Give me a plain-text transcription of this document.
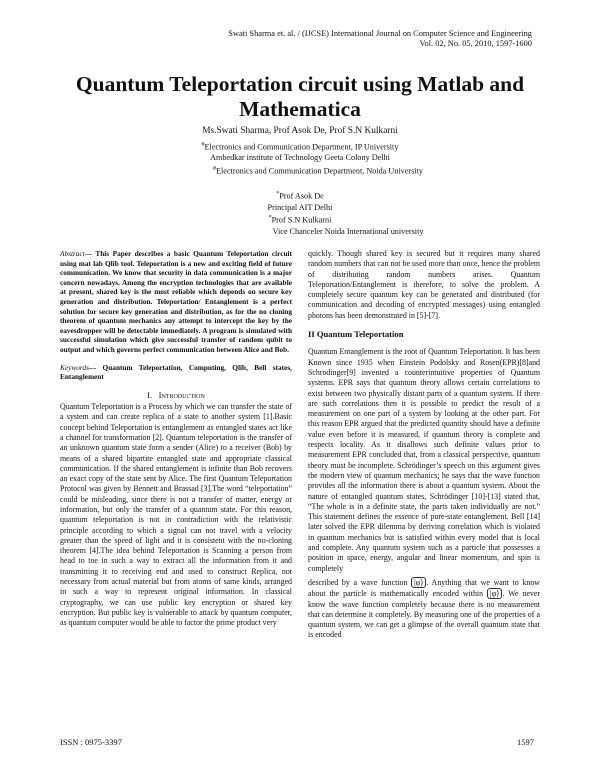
Swati Sharma et. al. / (IJCSE) International Journal on Computer Science and Engineering
Vol. 02, No. 05, 2010, 1597-1600
Quantum Teleportation circuit using Matlab and
Mathematica
Ms.Swati Sharma, Prof Asok De, Prof S.N Kulkarni
#Electronics and Communication Department, IP University
Ambedkar institute of Technology Geeta Colony Delhi
#Electronics and Communication Department, Noida University
*Prof Asok De
Principal AIT Delhi
*Prof S.N Kulkarni
Vice Chanceler Noida International university

Abstract— This Paper describes a basic Quantum Teleportation circuit using mat lab Qlib tool. Teleportation is a new and exciting field of future communication. We know that security in data communication is a major concern nowadays. Among the encryption technologies that are available at present, shared key is the most reliable which depends on secure key generation and distribution. Teleportation/ Entanglement is a perfect solution for secure key generation and distribution, as for the no cloning theorem of quantum mechanics any attempt to intercept the key by the eavesdropper will be detectable immediately. A program is simulated with successful simulation which give successful transfer of random qubit to output and which governs perfect communication between Alice and Bob.

Keywords— Quantum Teleportation, Computing, Qlib, Bell states, Entanglement

I. Introduction

Quantum Teleportation is a Process by which we can transfer the state of a system and can create replica of a state to another system [1].Basic concept behind Teleportation is entanglement as entangled states act like a channel for transformation [2]. Quantum teleportation is the transfer of an unknown quantum state form a sender (Alice) to a receiver (Bob) by means of a shared bipartite entangled state and appropriate classical communication. If the shared entanglement is infinite than Bob recovers an exact copy of the state sent by Alice. The first Quantum Teleportation Protocol was given by Bennett and Brassad [3].The word “teleportation” could be misleading, since there is not a transfer of matter, energy or information, but only the transfer of a quantum state. For this reason, quantum teleportation is not in contradiction with the relativistic principle according to which a signal can not travel with a velocity greater than the speed of light and it is consistent with the no-cloning theorem [4].The idea behind Teleportation is Scanning a person from head to toe in such a way to extract all the information from it and transmitting it to receiving end and used to construct Replica, not necessary from actual material but from atoms of same kinds, arranged in such a way to represent original information. In classical cryptography, we can use public key encryption or shared key encryption. But public key is vulnerable to attack by quantum computer, as quantum computer would be able to factor the prime product very

quickly. Though shared key is secured but it requires many shared random numbers that can not be used more than once, hence the problem of distributing random numbers arises. Quantum Teleportation/Entanglement is therefore, to solve the problem. A completely secure quantum key can be generated and distributed (for communication and decoding of encrypted messages) using entangled photons has been demonstrated in [5]-[7].

II Quantum Teleportation

Quantum Entanglement is the root of Quantum Teleportation. It has been Known since 1935 when Einstein Podolsky and Rosen(EPR)[8]and Schrodinger[9] invented a counterintuitive properties of Quantum systems. EPR says that quantum theory allows certain correlations to exist between two physically distant parts of a quantum system. If there are such correlations then it is possible to predict the result of a measurement on one part of a system by looking at the other part. For this reason EPR argued that the predicted quantity should have a definite value even before it is measured, if quantum theory is complete and respects locality. As it disallows such definite values prior to measurement EPR concluded that, from a classical perspective, quantum theory must be incomplete. Schrödinger’s speech on this argument gives the modern view of quantum mechanics; he says that the wave function provides all the information there is about a quantum system. About the nature of entangled quantum states, Schrödinger [10]-[13] stated that, “The whole is in a definite state, the parts taken individually are not.” This statement defines the essence of pure-state entanglement. Bell [14] later solved the EPR dilemma by deriving correlation which is violated in quantum mechanics but is satisfied within every model that is local and complete. Any quantum system such as a particle that possesses a position in space, energy, angular and linear momentum, and spin is completely

described by a wave function |φ⟩ . Anything that we want to know about the particle is mathematically encoded within |φ⟩ . We never know the wave function completely because there is no measurement that can determine it completely. By measuring one of the properties of a quantum system, we can get a glimpse of the overall quantum state that is encoded

ISSN : 0975-3397	1597
